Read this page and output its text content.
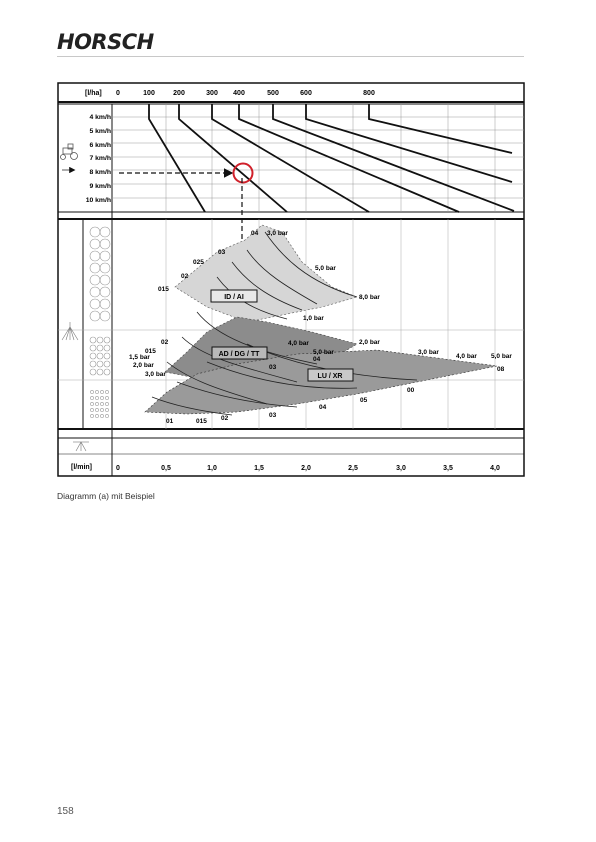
HORSCH
[l/ha] 0	100	200	300 400	500	600	800
4 km/h
5 km/h
6 km/h
7 km/h
8 km/h
9 km/h
10 km/h
ID / AI
AD / DG / TT
LU / XR
04
03
025
02
015
02
015
1,5 bar
2,0 bar
3,0 bar
04
03
02
015
01
04
05
00
08
03
3,0 bar
5,0 bar
8,0 bar
1,0 bar
4,0 bar
5,0 bar
2,0 bar
3,0 bar
4,0 bar 5,0 bar
[l/min]	0	0,5	1,0	1,5	2,0	2,5	3,0	3,5	4,0
Diagramm (a) mit Beispiel
158
